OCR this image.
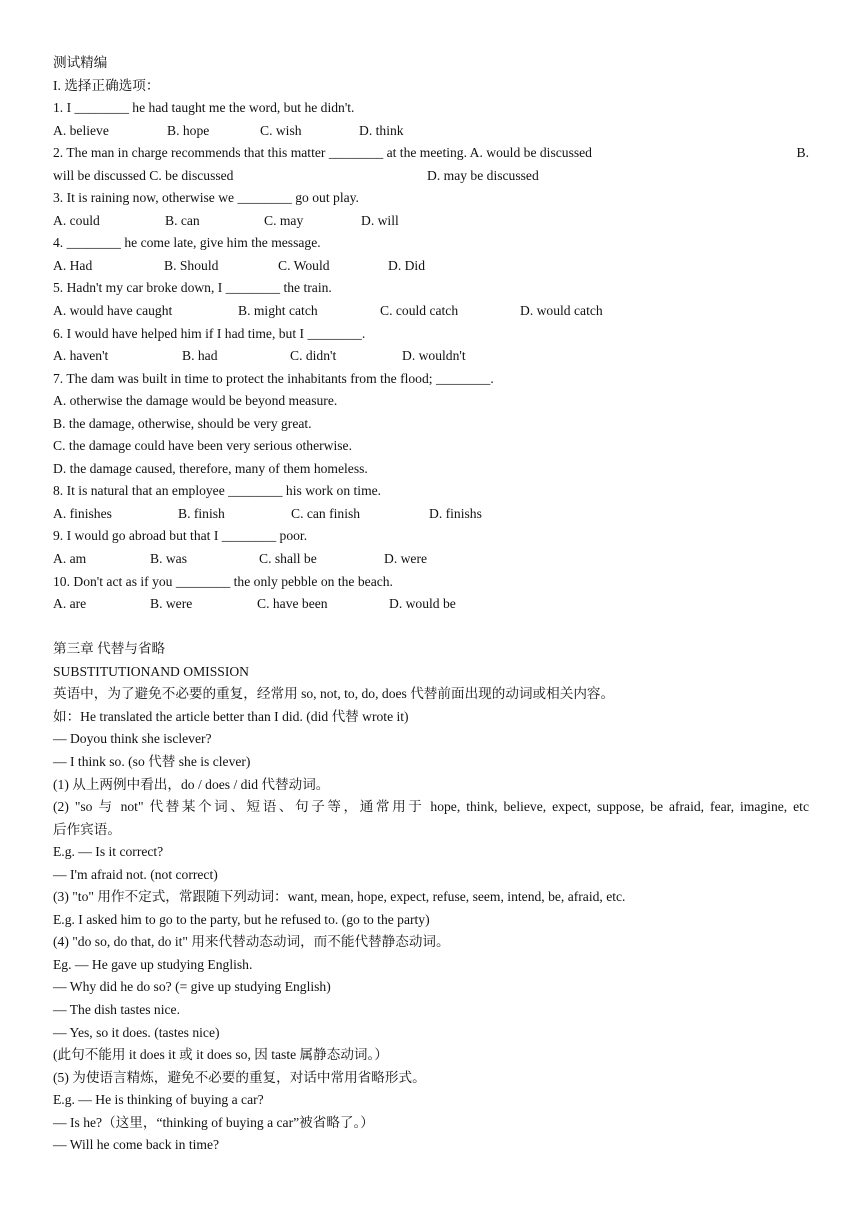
测试精编
I. 选择正确选项：
1. I ________ he had taught me the word, but he didn't.
A. believe	B. hope	C. wish	D. think
2. The man in charge recommends that this matter ________ at the meeting. A. would be discussed	B.
will be discussed C. be discussed	D. may be discussed
3. It is raining now, otherwise we ________ go out play.
A. could	B. can	C. may	D. will
4. ________ he come late, give him the message.
A. Had	B. Should	C. Would	D. Did
5. Hadn't my car broke down, I ________ the train.
A. would have caught	B. might catch	C. could catch	D. would catch
6. I would have helped him if I had time, but I ________.
A. haven't	B. had	C. didn't	D. wouldn't
7. The dam was built in time to protect the inhabitants from the flood; ________.
A. otherwise the damage would be beyond measure.
B. the damage, otherwise, should be very great.
C. the damage could have been very serious otherwise.
D. the damage caused, therefore, many of them homeless.
8. It is natural that an employee ________ his work on time.
A. finishes	B. finish	C. can finish	D. finishs
9. I would go abroad but that I ________ poor.
A. am	B. was	C. shall be	D. were
10. Don't act as if you ________ the only pebble on the beach.
A. are	B. were	C. have been	D. would be
第三章 代替与省略
SUBSTITUTIONAND OMISSION
英语中，为了避免不必要的重复，经常用 so, not, to, do, does 代替前面出现的动词或相关内容。
如：He translated the article better than I did. (did 代替 wrote it)
— Doyou think she isclever?
— I think so. (so 代替 she is clever)
(1) 从上两例中看出，do / does / did 代替动词。
(2) "so 与 not" 代替某个词、短语、句子等，通常用于 hope, think, believe, expect, suppose, be afraid, fear, imagine, etc
后作宾语。
E.g. — Is it correct?
— I'm afraid not. (not correct)
(3) "to" 用作不定式，常跟随下列动词：want, mean, hope, expect, refuse, seem, intend, be, afraid, etc.
E.g. I asked him to go to the party, but he refused to. (go to the party)
(4) "do so, do that, do it" 用来代替动态动词，而不能代替静态动词。
Eg. — He gave up studying English.
— Why did he do so? (= give up studying English)
— The dish tastes nice.
— Yes, so it does. (tastes nice)
(此句不能用 it does it 或 it does so, 因 taste 属静态动词。）
(5) 为使语言精炼，避免不必要的重复，对话中常用省略形式。
E.g. — He is thinking of buying a car?
— Is he?（这里，“thinking of buying a car”被省略了。）
— Will he come back in time?
